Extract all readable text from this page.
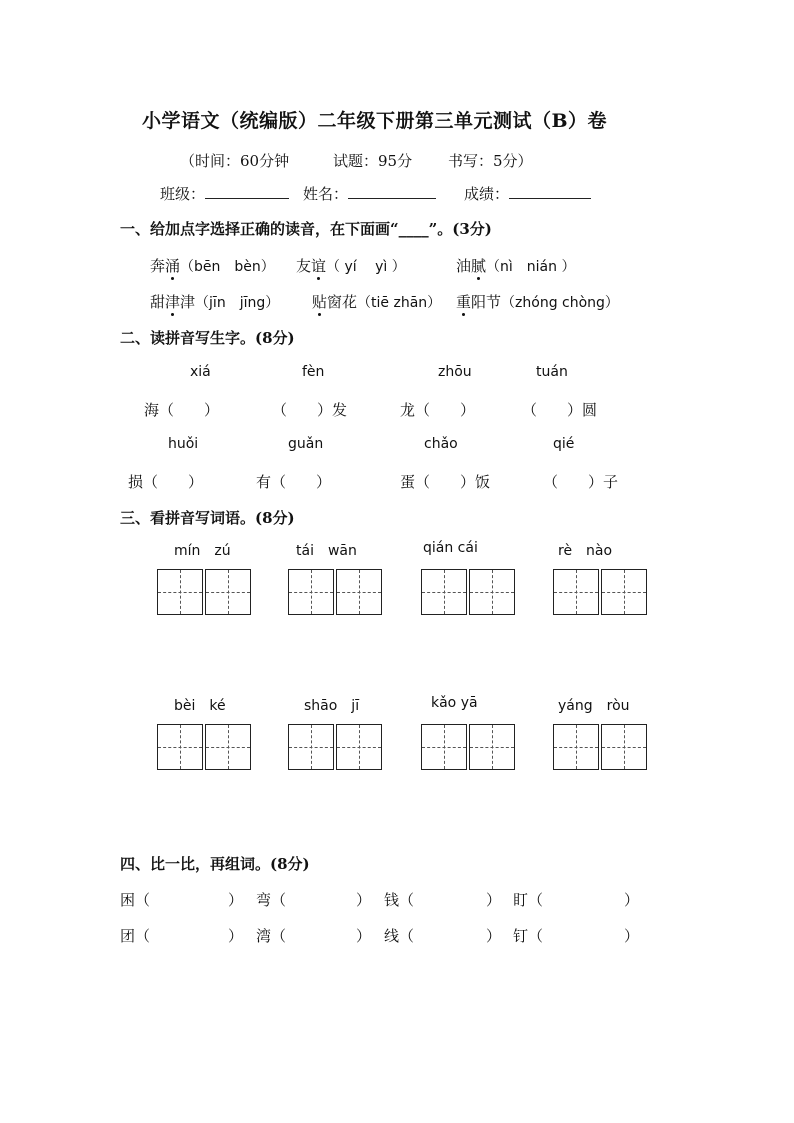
小学语文（统编版）二年级下册第三单元测试（B）卷
（时间：60分钟	试题：95分 书写：5分）
班级：	姓名：	成绩：
一、给加点字选择正确的读音，在下面画“____”。(3分)
奔涌（bēn　bèn） 友谊（ yí　 yì ）	油腻（nì　nián ）
甜津津（jīn　jīng） 贴窗花（tiē zhān） 重阳节（zhóng chòng）
二、读拼音写生字。(8分)
xiá	fèn	zhōu	tuán
海（　　）	（　　）发	龙（　　）	（　　）圆
huǒi	guǎn	chǎo	qié
损（　　）	有（　　）	蛋（　　）饭	（　　）子
三、看拼音写词语。(8分)
mín　zú	tái　wān	qián cái	rè　nào
bèi　ké	shāo　jī	kǎo yā	yáng　ròu
四、比一比，再组词。(8分)
困（	） 弯（	） 钱（	） 盯（	）
团（	） 湾（	） 线（	） 钉（	）
